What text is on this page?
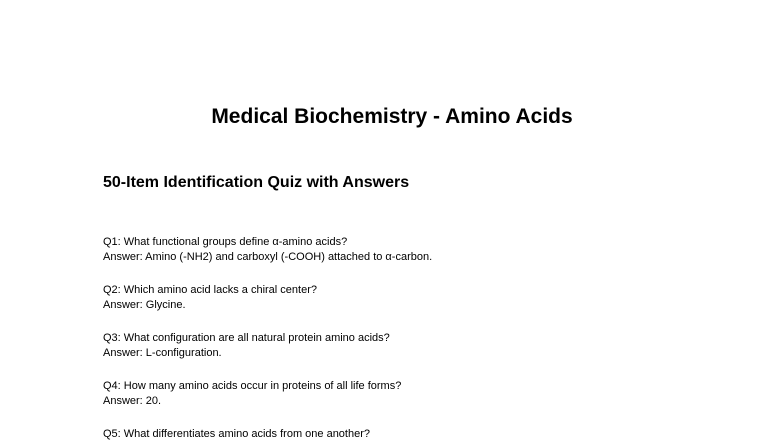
Medical Biochemistry - Amino Acids
50-Item Identification Quiz with Answers
Q1: What functional groups define α-amino acids?
Answer: Amino (-NH2) and carboxyl (-COOH) attached to α-carbon.
Q2: Which amino acid lacks a chiral center?
Answer: Glycine.
Q3: What configuration are all natural protein amino acids?
Answer: L-configuration.
Q4: How many amino acids occur in proteins of all life forms?
Answer: 20.
Q5: What differentiates amino acids from one another?
